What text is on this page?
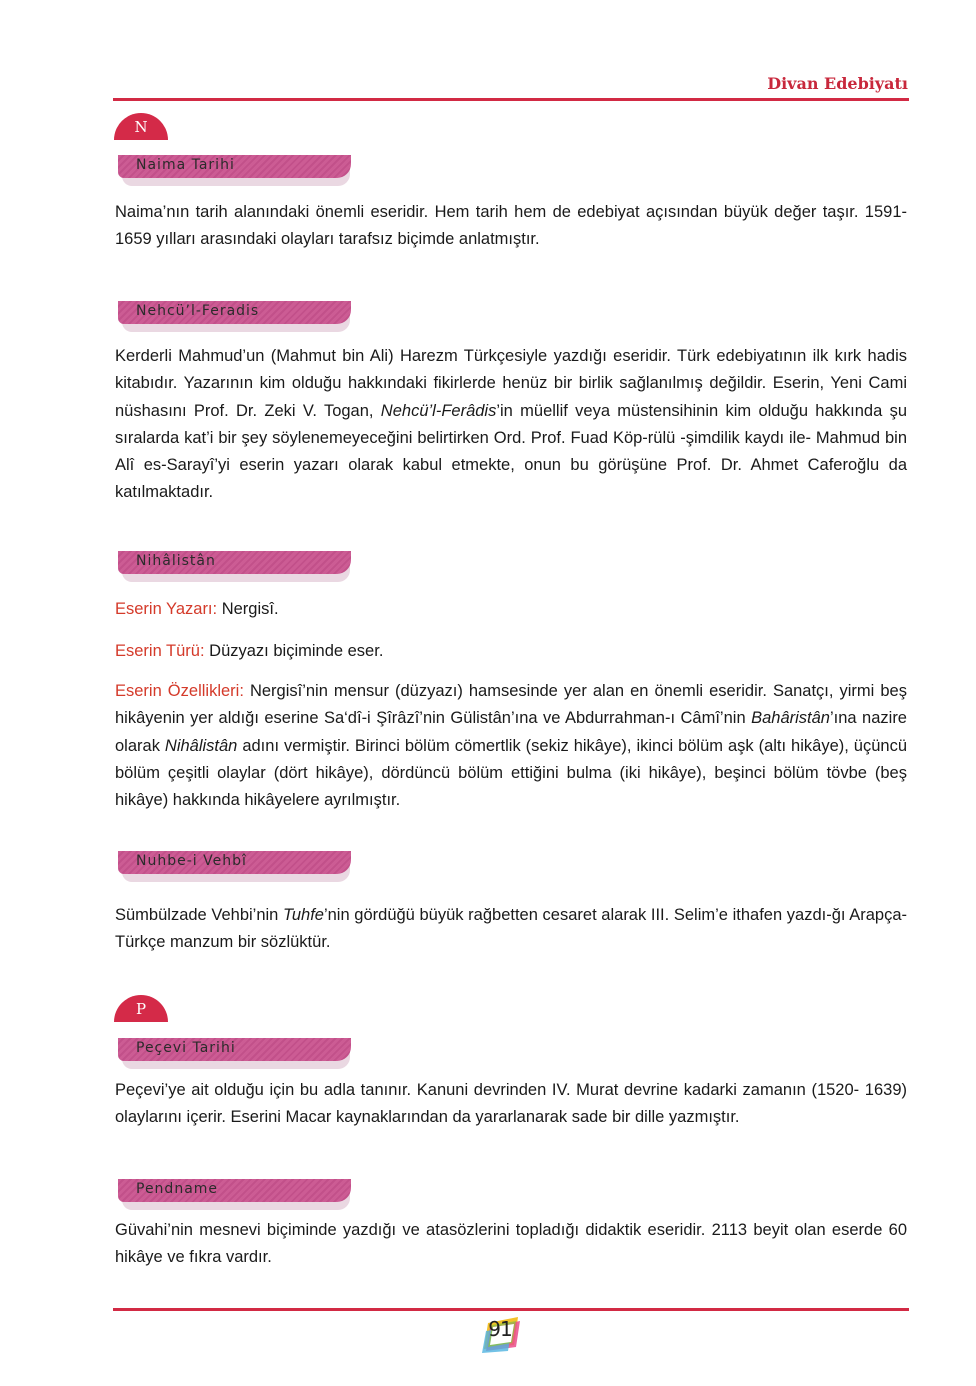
Divan Edebiyatı
N
Naima Tarihi

Naima’nın tarih alanındaki önemli eseridir. Hem tarih hem de edebiyat açısından büyük değer taşır. 1591-1659 yılları arasındaki olayları tarafsız biçimde anlatmıştır.

Nehcü’l-Feradis

Kerderli Mahmud’un (Mahmut bin Ali) Harezm Türkçesiyle yazdığı eseridir. Türk edebiyatının ilk kırk hadis kitabıdır. Yazarının kim olduğu hakkındaki fikirlerde henüz bir birlik sağlanılmış değildir. Eserin, Yeni Cami nüshasını Prof. Dr. Zeki V. Togan, Nehcü’l-Ferâdis’in müellif veya müstensihinin kim olduğu hakkında şu sıralarda kat’i bir şey söylenemeyeceğini belirtirken Ord. Prof. Fuad Köp-rülü -şimdilik kaydı ile- Mahmud bin Alî es-Sarayî’yi eserin yazarı olarak kabul etmekte, onun bu görüşüne Prof. Dr. Ahmet Caferoğlu da katılmaktadır.

Nihâlistân

Eserin Yazarı: Nergisî.

Eserin Türü: Düzyazı biçiminde eser.

Eserin Özellikleri: Nergisî’nin mensur (düzyazı) hamsesinde yer alan en önemli eseridir. Sanatçı, yirmi beş hikâyenin yer aldığı eserine Sa‘dî-i Şîrâzî’nin Gülistân’ına ve Abdurrahman-ı Câmî’nin Bahâristân’ına nazire olarak Nihâlistân adını vermiştir. Birinci bölüm cömertlik (sekiz hikâye), ikinci bölüm aşk (altı hikâye), üçüncü bölüm çeşitli olaylar (dört hikâye), dördüncü bölüm ettiğini bulma (iki hikâye), beşinci bölüm tövbe (beş hikâye) hakkında hikâyelere ayrılmıştır.

Nuhbe-i Vehbî

Sümbülzade Vehbi’nin Tuhfe’nin gördüğü büyük rağbetten cesaret alarak III. Selim’e ithafen yazdı-ğı Arapça-Türkçe manzum bir sözlüktür.

P
Peçevi Tarihi

Peçevi’ye ait olduğu için bu adla tanınır. Kanuni devrinden IV. Murat devrine kadarki zamanın (1520- 1639) olaylarını içerir. Eserini Macar kaynaklarından da yararlanarak sade bir dille yazmıştır.

Pendname

Güvahi’nin mesnevi biçiminde yazdığı ve atasözlerini topladığı didaktik eseridir. 2113 beyit olan eserde 60 hikâye ve fıkra vardır.

91
